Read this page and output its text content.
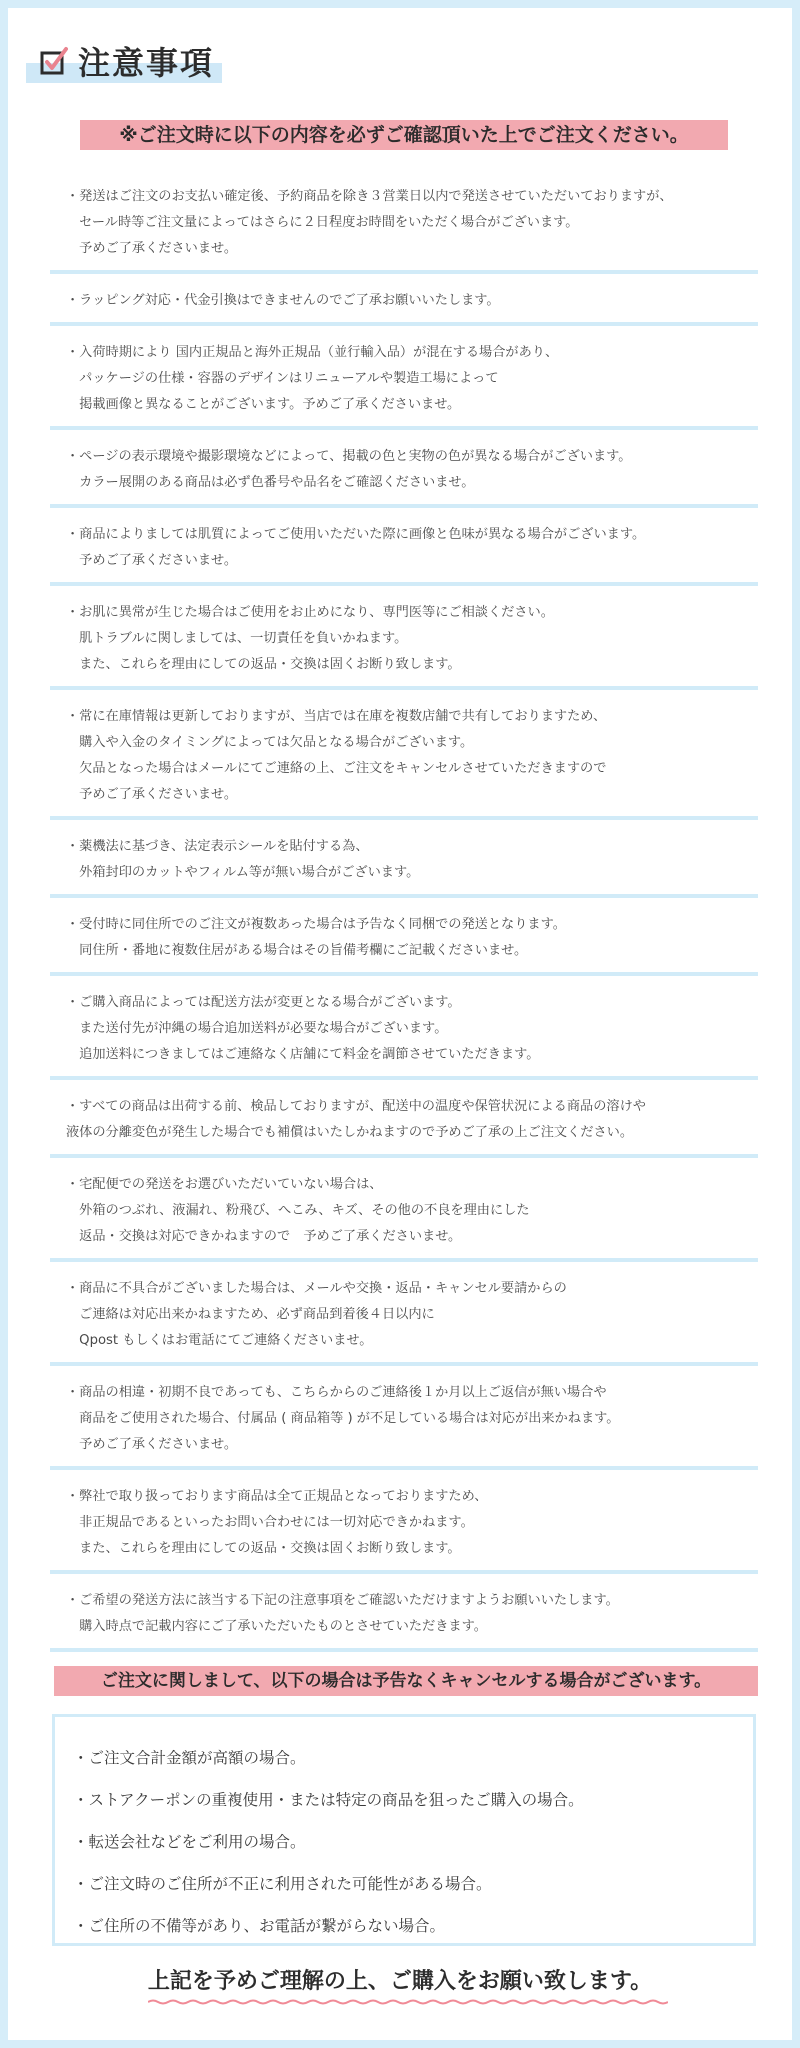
注意事項
※ご注文時に以下の内容を必ずご確認頂いた上でご注文ください。
・発送はご注文のお支払い確定後、予約商品を除き３営業日以内で発送させていただいておりますが、
　セール時等ご注文量によってはさらに２日程度お時間をいただく場合がございます。
　予めご了承くださいませ。
・ラッピング対応・代金引換はできませんのでご了承お願いいたします。
・入荷時期により 国内正規品と海外正規品（並行輸入品）が混在する場合があり、
　パッケージの仕様・容器のデザインはリニューアルや製造工場によって
　掲載画像と異なることがございます。予めご了承くださいませ。
・ページの表示環境や撮影環境などによって、掲載の色と実物の色が異なる場合がございます。
　カラー展開のある商品は必ず色番号や品名をご確認くださいませ。
・商品によりましては肌質によってご使用いただいた際に画像と色味が異なる場合がございます。
　予めご了承くださいませ。
・お肌に異常が生じた場合はご使用をお止めになり、専門医等にご相談ください。
　肌トラブルに関しましては、一切責任を負いかねます。
　また、これらを理由にしての返品・交換は固くお断り致します。
・常に在庫情報は更新しておりますが、当店では在庫を複数店舗で共有しておりますため、
　購入や入金のタイミングによっては欠品となる場合がございます。
　欠品となった場合はメールにてご連絡の上、ご注文をキャンセルさせていただきますので
　予めご了承くださいませ。
・薬機法に基づき、法定表示シールを貼付する為、
　外箱封印のカットやフィルム等が無い場合がございます。
・受付時に同住所でのご注文が複数あった場合は予告なく同梱での発送となります。
　同住所・番地に複数住居がある場合はその旨備考欄にご記載くださいませ。
・ご購入商品によっては配送方法が変更となる場合がございます。
　また送付先が沖縄の場合追加送料が必要な場合がございます。
　追加送料につきましてはご連絡なく店舗にて料金を調節させていただきます。
・すべての商品は出荷する前、検品しておりますが、配送中の温度や保管状況による商品の溶けや
液体の分離変色が発生した場合でも補償はいたしかねますので予めご了承の上ご注文ください。
・宅配便での発送をお選びいただいていない場合は、
　外箱のつぶれ、液漏れ、粉飛び、へこみ、キズ、その他の不良を理由にした
　返品・交換は対応できかねますので　予めご了承くださいませ。
・商品に不具合がございました場合は、メールや交換・返品・キャンセル要請からの
　ご連絡は対応出来かねますため、必ず商品到着後４日以内に
　Qpost もしくはお電話にてご連絡くださいませ。
・商品の相違・初期不良であっても、こちらからのご連絡後１か月以上ご返信が無い場合や
　商品をご使用された場合、付属品 ( 商品箱等 ) が不足している場合は対応が出来かねます。
　予めご了承くださいませ。
・弊社で取り扱っております商品は全て正規品となっておりますため、
　非正規品であるといったお問い合わせには一切対応できかねます。
　また、これらを理由にしての返品・交換は固くお断り致します。
・ご希望の発送方法に該当する下記の注意事項をご確認いただけますようお願いいたします。
　購入時点で記載内容にご了承いただいたものとさせていただきます。
ご注文に関しまして、以下の場合は予告なくキャンセルする場合がございます。
・ご注文合計金額が高額の場合。
・ストアクーポンの重複使用・または特定の商品を狙ったご購入の場合。
・転送会社などをご利用の場合。
・ご注文時のご住所が不正に利用された可能性がある場合。
・ご住所の不備等があり、お電話が繋がらない場合。
上記を予めご理解の上、ご購入をお願い致します。
